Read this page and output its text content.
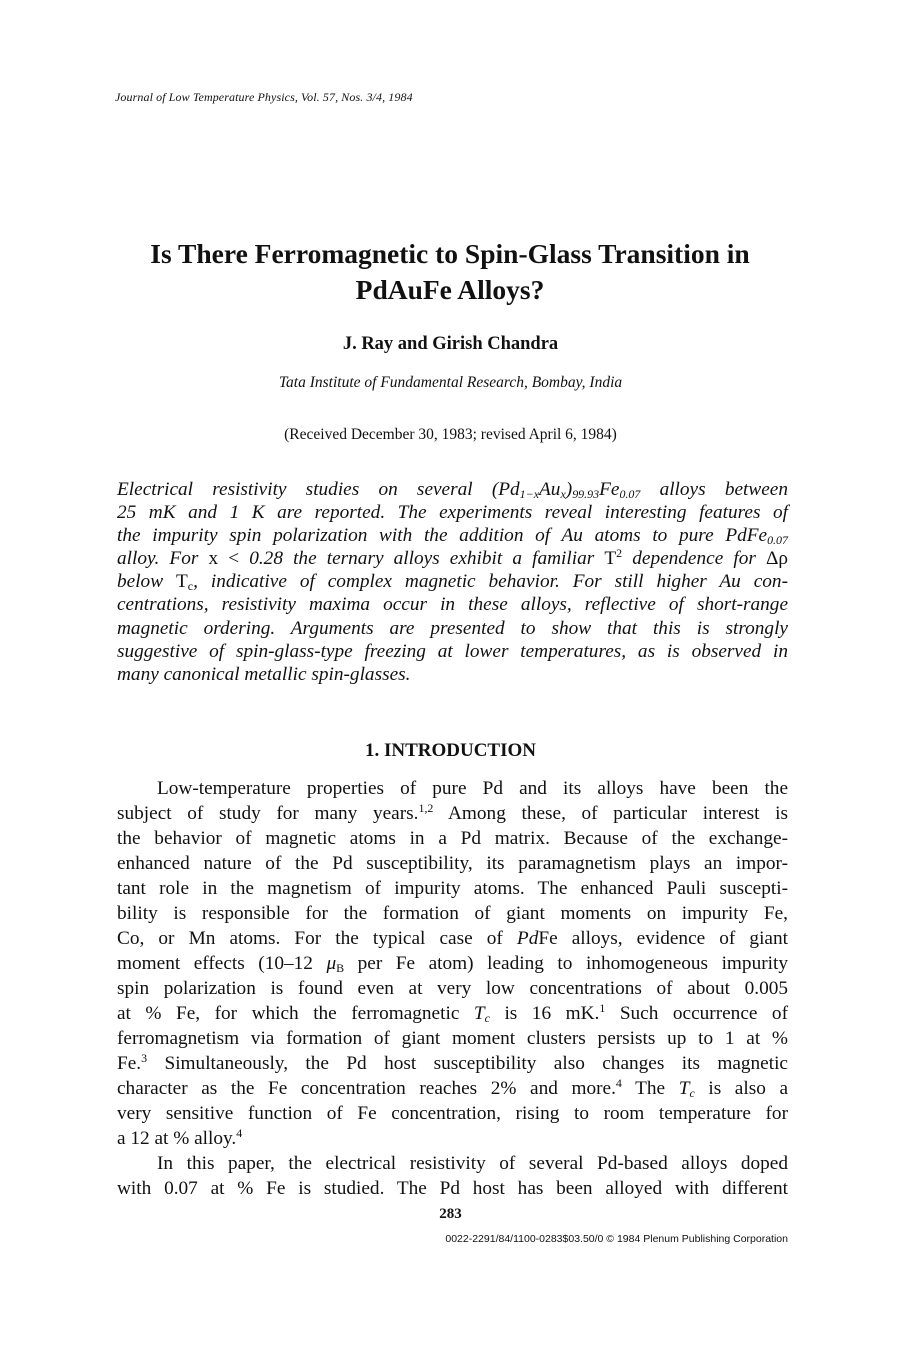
Journal of Low Temperature Physics, Vol. 57, Nos. 3/4, 1984
Is There Ferromagnetic to Spin-Glass Transition in
PdAuFe Alloys?
J. Ray and Girish Chandra
Tata Institute of Fundamental Research, Bombay, India
(Received December 30, 1983; revised April 6, 1984)
Electrical resistivity studies on several $(Pd_{1-x}Au_x)_{99.93}Fe_{0.07}$ alloys between
25 mK and 1 K are reported. The experiments reveal interesting features of
the impurity spin polarization with the addition of Au atoms to pure PdFe$_{0.07}$
alloy. For x < 0.28 the ternary alloys exhibit a familiar $T^2$ dependence for Δρ
below $T_c$, indicative of complex magnetic behavior. For still higher Au con-
centrations, resistivity maxima occur in these alloys, reflective of short-range
magnetic ordering. Arguments are presented to show that this is strongly
suggestive of spin-glass-type freezing at lower temperatures, as is observed in
many canonical metallic spin-glasses.
1. INTRODUCTION
Low-temperature properties of pure Pd and its alloys have been the
subject of study for many years.$^{1,2}$ Among these, of particular interest is
the behavior of magnetic atoms in a Pd matrix. Because of the exchange-
enhanced nature of the Pd susceptibility, its paramagnetism plays an impor-
tant role in the magnetism of impurity atoms. The enhanced Pauli suscepti-
bility is responsible for the formation of giant moments on impurity Fe,
Co, or Mn atoms. For the typical case of PdFe alloys, evidence of giant
moment effects (10–12 $\mu_B$ per Fe atom) leading to inhomogeneous impurity
spin polarization is found even at very low concentrations of about 0.005
at % Fe, for which the ferromagnetic $T_c$ is 16 mK.$^1$ Such occurrence of
ferromagnetism via formation of giant moment clusters persists up to 1 at %
Fe.$^3$ Simultaneously, the Pd host susceptibility also changes its magnetic
character as the Fe concentration reaches 2% and more.$^4$ The $T_c$ is also a
very sensitive function of Fe concentration, rising to room temperature for
a 12 at % alloy.$^4$
In this paper, the electrical resistivity of several Pd-based alloys doped
with 0.07 at % Fe is studied. The Pd host has been alloyed with different
283
0022-2291/84/1100-0283$03.50/0 © 1984 Plenum Publishing Corporation
